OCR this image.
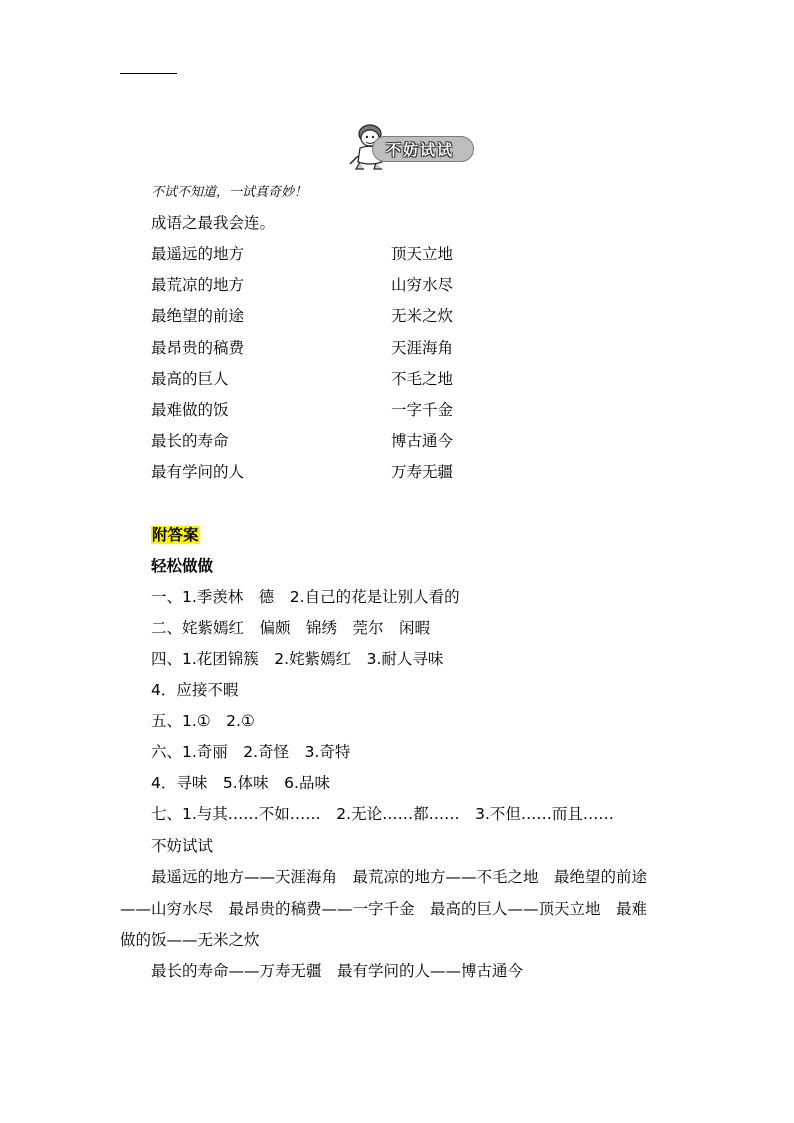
不妨试试
不试不知道，一试真奇妙！
成语之最我会连。
最遥远的地方	顶天立地
最荒凉的地方	山穷水尽
最绝望的前途	无米之炊
最昂贵的稿费	天涯海角
最高的巨人	不毛之地
最难做的饭	一字千金
最长的寿命	博古通今
最有学问的人	万寿无疆
附答案
轻松做做
一、1.季羡林　德　2.自己的花是让别人看的
二、姹紫嫣红　偏颇　锦绣　莞尔　闲暇
四、1.花团锦簇　2.姹紫嫣红　3.耐人寻味
4．应接不暇
五、1.①　2.①
六、1.奇丽　2.奇怪　3.奇特
4．寻味　5.体味　6.品味
七、1.与其……不如……　2.无论……都……　3.不但……而且……
不妨试试
最遥远的地方——天涯海角　最荒凉的地方——不毛之地　最绝望的前途
——山穷水尽　最昂贵的稿费——一字千金　最高的巨人——顶天立地　最难
做的饭——无米之炊
最长的寿命——万寿无疆　最有学问的人——博古通今
